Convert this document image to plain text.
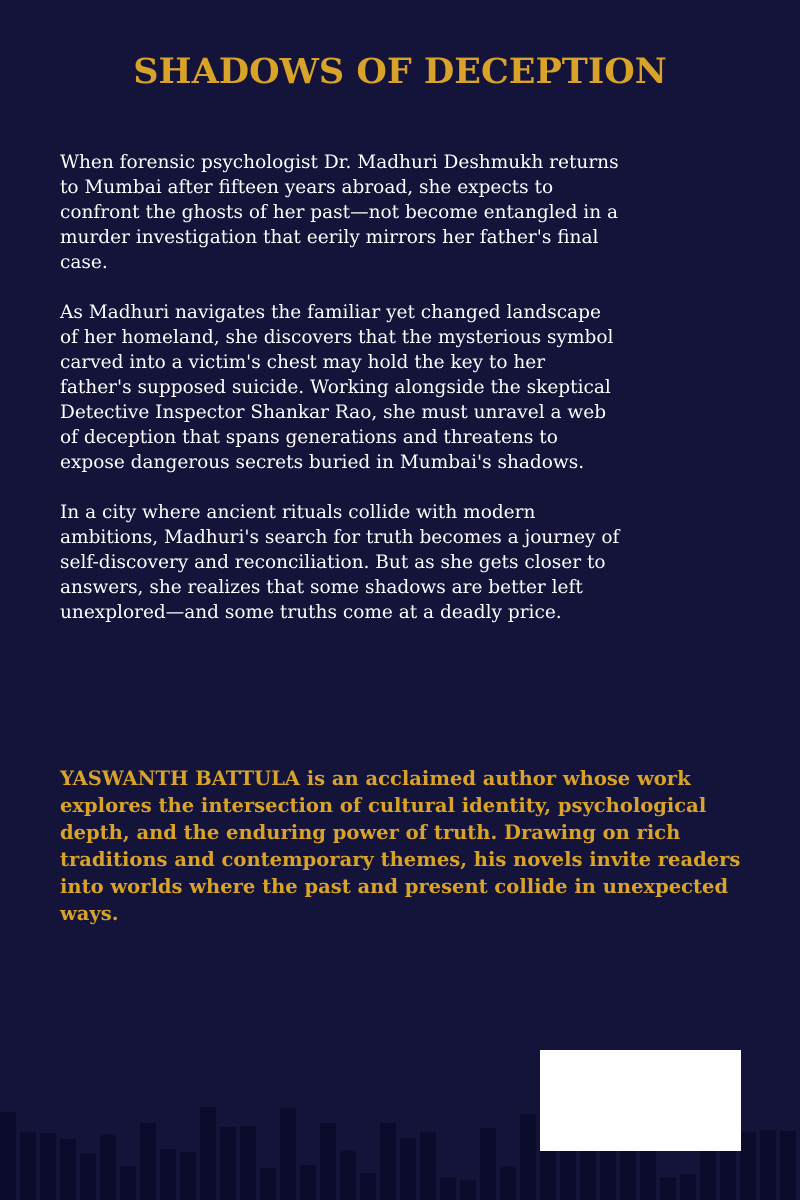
SHADOWS OF DECEPTION

When forensic psychologist Dr. Madhuri Deshmukh returns to Mumbai after fifteen years abroad, she expects to confront the ghosts of her past—not become entangled in a murder investigation that eerily mirrors her father's final case.

As Madhuri navigates the familiar yet changed landscape of her homeland, she discovers that the mysterious symbol carved into a victim's chest may hold the key to her father's supposed suicide. Working alongside the skeptical Detective Inspector Shankar Rao, she must unravel a web of deception that spans generations and threatens to expose dangerous secrets buried in Mumbai's shadows.

In a city where ancient rituals collide with modern ambitions, Madhuri's search for truth becomes a journey of self-discovery and reconciliation. But as she gets closer to answers, she realizes that some shadows are better left unexplored—and some truths come at a deadly price.

YASWANTH BATTULA is an acclaimed author whose work explores the intersection of cultural identity, psychological depth, and the enduring power of truth. Drawing on rich traditions and contemporary themes, his novels invite readers into worlds where the past and present collide in unexpected ways.
